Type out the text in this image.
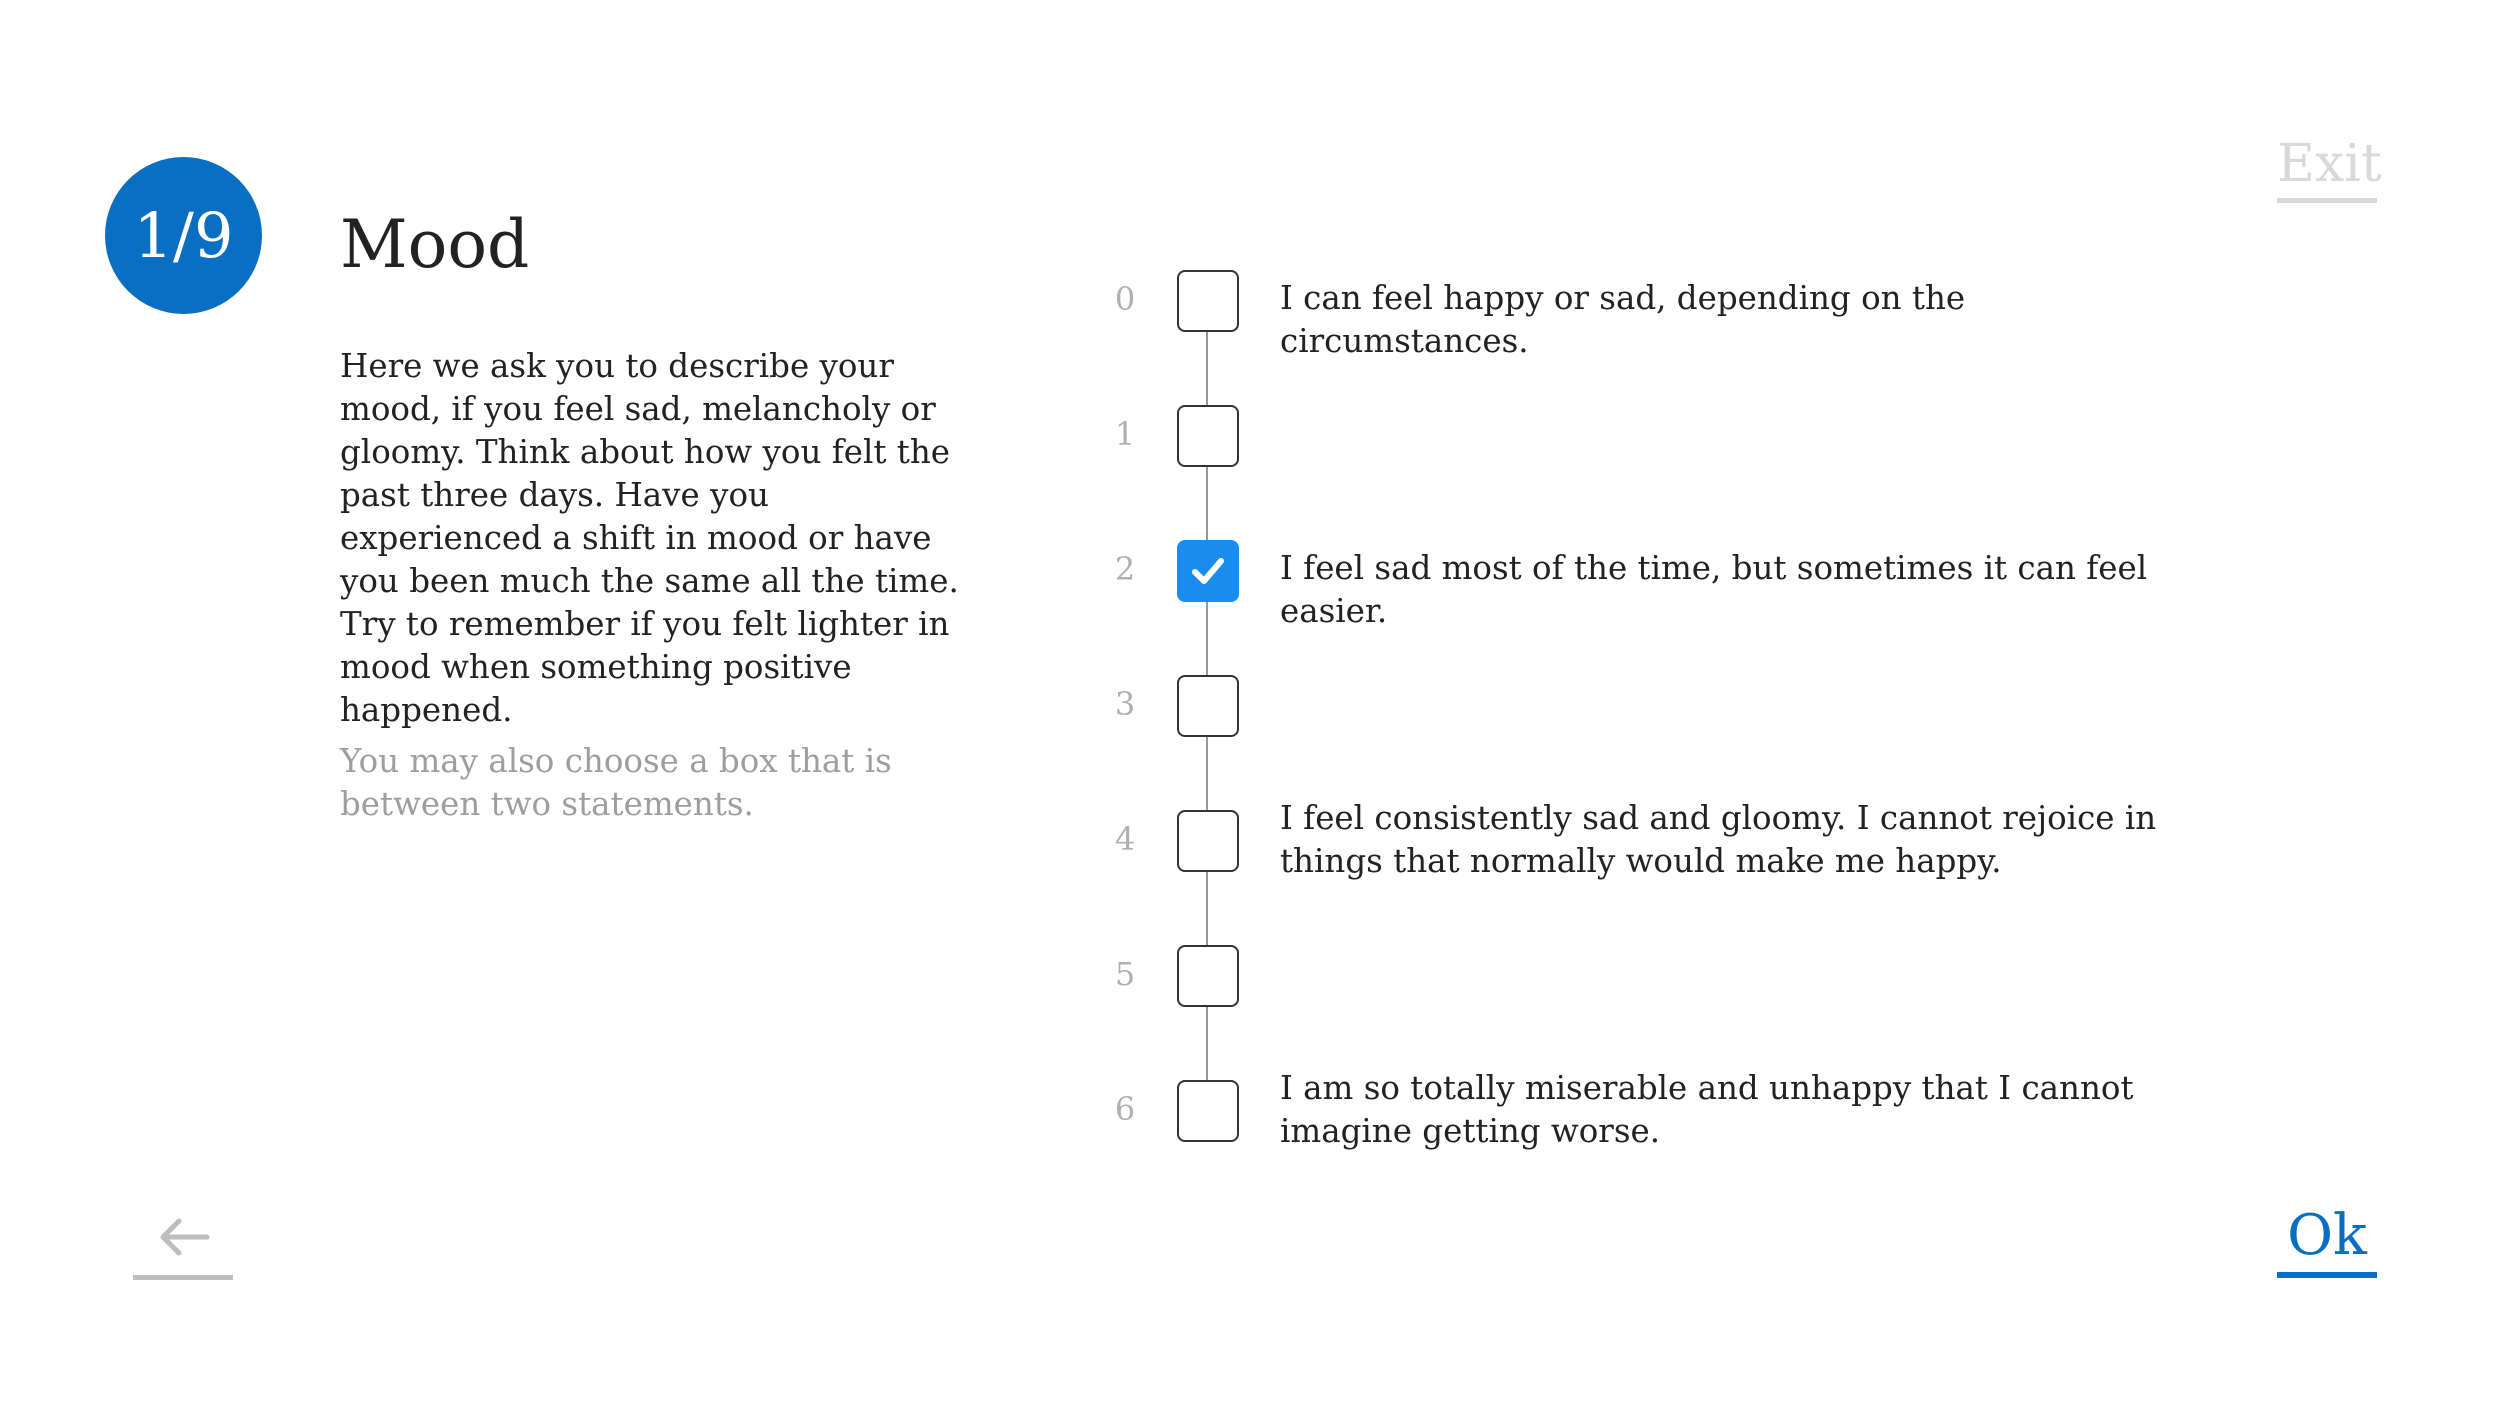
1/9 Mood

Here we ask you to describe your mood, if you feel sad, melancholy or gloomy. Think about how you felt the past three days. Have you experienced a shift in mood or have you been much the same all the time. Try to remember if you felt lighter in mood when something positive happened.

You may also choose a box that is between two statements.

Exit
0	I can feel happy or sad, depending on the circumstances.
1
2	I feel sad most of the time, but sometimes it can feel easier.
3
4
I feel consistently sad and gloomy. I cannot rejoice in things that normally would make me happy.
5
6
I am so totally miserable and unhappy that I cannot imagine getting worse.
Ok
